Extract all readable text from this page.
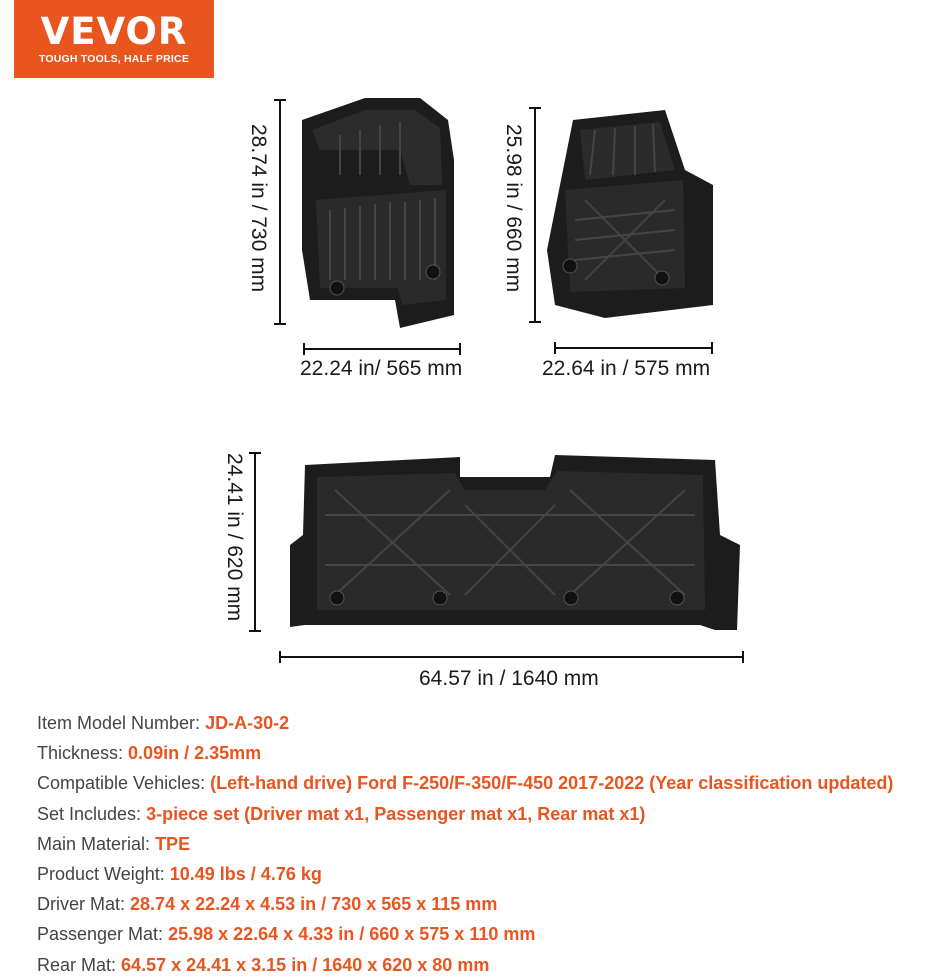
VEVOR
TOUGH TOOLS, HALF PRICE
28.74 in / 730 mm
22.24 in/ 565 mm
25.98 in / 660 mm
22.64 in / 575 mm
24.41 in / 620 mm
64.57 in / 1640 mm
Item Model Number: JD-A-30-2
Thickness: 0.09in / 2.35mm
Compatible Vehicles: (Left-hand drive) Ford F-250/F-350/F-450 2017-2022 (Year classification updated)
Set Includes: 3-piece set (Driver mat x1, Passenger mat x1, Rear mat x1)
Main Material: TPE
Product Weight: 10.49 lbs / 4.76 kg
Driver Mat: 28.74 x 22.24 x 4.53 in / 730 x 565 x 115 mm
Passenger Mat: 25.98 x 22.64 x 4.33 in / 660 x 575 x 110 mm
Rear Mat: 64.57 x 24.41 x 3.15 in / 1640 x 620 x 80 mm
